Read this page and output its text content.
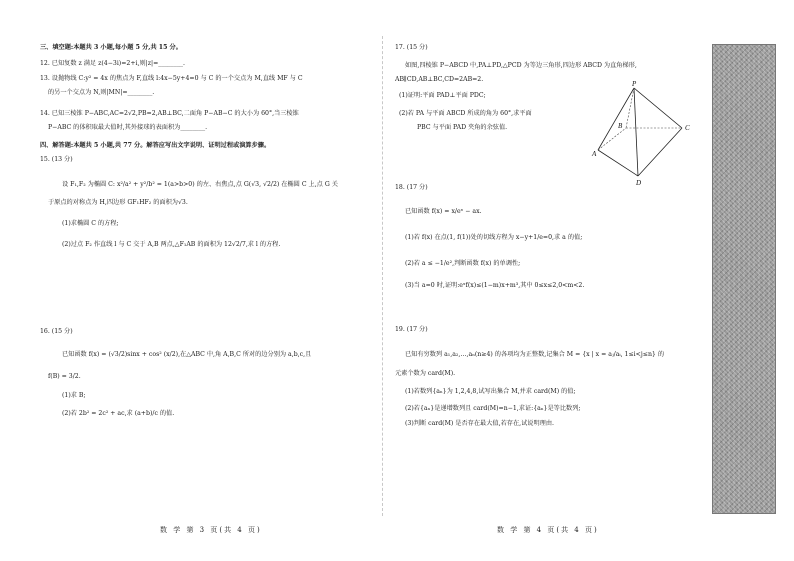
三、填空题:本题共 3 小题,每小题 5 分,共 15 分。
12. 已知复数 z 满足 z(4−3i)=2+i,则|z|=________.
13. 设抛物线 C:y² = 4x 的焦点为 F,直线 l:4x−5y+4=0 与 C 的一个交点为 M,直线 MF 与 C
的另一个交点为 N,则|MN|=________.
14. 已知三棱锥 P−ABC,AC=2√2,PB=2,AB⊥BC,二面角 P−AB−C 的大小为 60°,当三棱锥
P−ABC 的体积取最大值时,其外接球的表面积为________.
四、解答题:本题共 5 小题,共 77 分。解答应写出文字说明、证明过程或演算步骤。
15. (13 分)
设 F₁,F₂ 为椭圆 C: x²/a² + y²/b² = 1(a>b>0) 的左、右焦点,点 G(√3, √2/2) 在椭圆 C 上,点 G 关
于原点的对称点为 H,四边形 GF₁HF₂ 的面积为√3.
(1)求椭圆 C 的方程;
(2)过点 F₂ 作直线 l 与 C 交于 A,B 两点,△F₁AB 的面积为 12√2/7,求 l 的方程.
16. (15 分)
已知函数 f(x) = (√3/2)sinx + cos² (x/2),在△ABC 中,角 A,B,C 所对的边分别为 a,b,c,且
f(B) = 3/2.
(1)求 B;
(2)若 2b² = 2c² + ac,求 (a+b)/c 的值.
数 学 第 3 页(共 4 页)
17. (15 分)
如图,四棱锥 P−ABCD 中,PA⊥PD,△PCD 为等边三角形,四边形 ABCD 为直角梯形,
AB∥CD,AB⊥BC,CD=2AB=2.
(1)证明:平面 PAD⊥平面 PDC;
(2)若 PA 与平面 ABCD 所成的角为 60°,求平面
PBC 与平面 PAD 夹角的余弦值.
18. (17 分)
已知函数 f(x) = x/eˣ − ax.
(1)若 f(x) 在点(1, f(1))处的切线方程为 x−y+1/e=0,求 a 的值;
(2)若 a ≤ −1/e²,判断函数 f(x) 的单调性;
(3)当 a=0 时,证明:eˣf(x)≤(1−m)x+m³,其中 0≤x≤2,0<m<2.
19. (17 分)
已知有穷数列 a₁,a₂,…,aₙ(n≥4) 的各项均为正整数,记集合 M = {x | x = aⱼ/aᵢ, 1≤i<j≤n} 的
元素个数为 card(M).
(1)若数列{aₙ}为 1,2,4,8,试写出集合 M,并求 card(M) 的值;
(2)若{aₙ}是递增数列且 card(M)=n−1,求证:{aₙ}是等比数列;
(3)判断 card(M) 是否存在最大值,若存在,试说明理由.
数 学 第 4 页(共 4 页)
P
A
B	C
D
